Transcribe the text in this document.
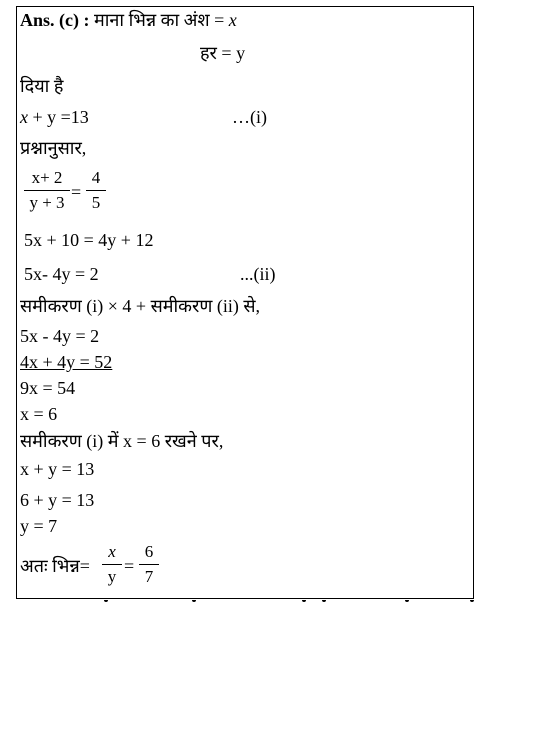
Ans. (c) : माना भिन्न का अंश = x
हर = y
दिया है
x + y =13	…(i)
प्रश्नानुसार,
x+ 2
y + 3
=
4
5
5x + 10 = 4y + 12
5x- 4y = 2	...(ii)
समीकरण (i) × 4 + समीकरण (ii) से,
5x - 4y = 2
4x + 4y = 52
9x = 54
x = 6
समीकरण (i) में x = 6 रखने पर,
x + y = 13
6 + y = 13
y = 7
अतः भिन्न=
x
y
=
6
7
